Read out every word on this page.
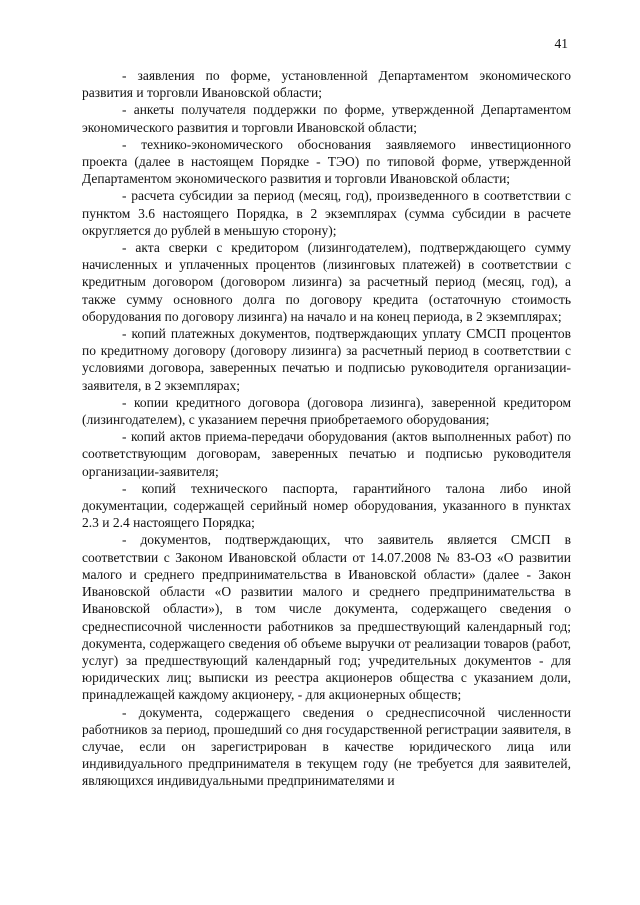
41

- заявления по форме, установленной Департаментом экономического развития и торговли Ивановской области;

- анкеты получателя поддержки по форме, утвержденной Департаментом экономического развития и торговли Ивановской области;

- технико-экономического обоснования заявляемого инвестиционного проекта (далее в настоящем Порядке - ТЭО) по типовой форме, утвержденной Департаментом экономического развития и торговли Ивановской области;

- расчета субсидии за период (месяц, год), произведенного в соответствии с пунктом 3.6 настоящего Порядка, в 2 экземплярах (сумма субсидии в расчете округляется до рублей в меньшую сторону);

- акта сверки с кредитором (лизингодателем), подтверждающего сумму начисленных и уплаченных процентов (лизинговых платежей) в соответствии с кредитным договором (договором лизинга) за расчетный период (месяц, год), а также сумму основного долга по договору кредита (остаточную стоимость оборудования по договору лизинга) на начало и на конец периода, в 2 экземплярах;

- копий платежных документов, подтверждающих уплату СМСП процентов по кредитному договору (договору лизинга) за расчетный период в соответствии с условиями договора, заверенных печатью и подписью руководителя организации-заявителя, в 2 экземплярах;

- копии кредитного договора (договора лизинга), заверенной кредитором (лизингодателем), с указанием перечня приобретаемого оборудования;

- копий актов приема-передачи оборудования (актов выполненных работ) по соответствующим договорам, заверенных печатью и подписью руководителя организации-заявителя;

- копий технического паспорта, гарантийного талона либо иной документации, содержащей серийный номер оборудования, указанного в пунктах 2.3 и 2.4 настоящего Порядка;

- документов, подтверждающих, что заявитель является СМСП в соответствии с Законом Ивановской области от 14.07.2008 № 83-ОЗ «О развитии малого и среднего предпринимательства в Ивановской области» (далее - Закон Ивановской области «О развитии малого и среднего предпринимательства в Ивановской области»), в том числе документа, содержащего сведения о среднесписочной численности работников за предшествующий календарный год; документа, содержащего сведения об объеме выручки от реализации товаров (работ, услуг) за предшествующий календарный год; учредительных документов - для юридических лиц; выписки из реестра акционеров общества с указанием доли, принадлежащей каждому акционеру, - для акционерных обществ;

- документа, содержащего сведения о среднесписочной численности работников за период, прошедший со дня государственной регистрации заявителя, в случае, если он зарегистрирован в качестве юридического лица или индивидуального предпринимателя в текущем году (не требуется для заявителей, являющихся индивидуальными предпринимателями и
